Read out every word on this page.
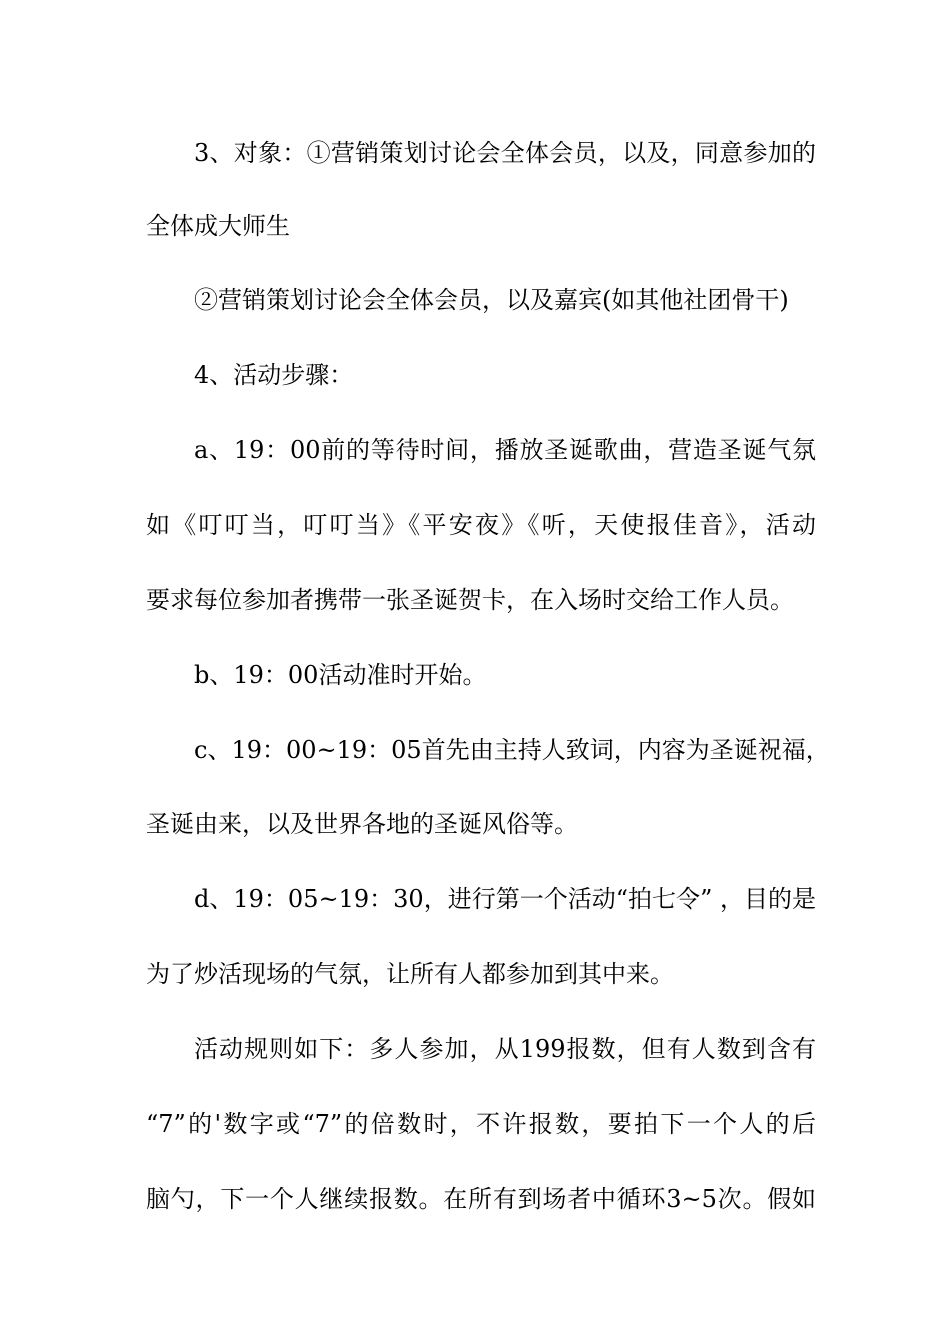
3、对象：①营销策划讨论会全体会员，以及，同意参加的
全体成大师生
②营销策划讨论会全体会员，以及嘉宾(如其他社团骨干)
4、活动步骤：
a、19：00前的等待时间，播放圣诞歌曲，营造圣诞气氛
如《叮叮当，叮叮当》《平安夜》《听，天使报佳音》，活动
要求每位参加者携带一张圣诞贺卡，在入场时交给工作人员。
b、19：00活动准时开始。
c、19：00~19：05首先由主持人致词，内容为圣诞祝福，
圣诞由来，以及世界各地的圣诞风俗等。
d、19：05~19：30，进行第一个活动“拍七令” ，目的是
为了炒活现场的气氛，让所有人都参加到其中来。
活动规则如下：多人参加，从199报数，但有人数到含有
“7”的'数字或“7”的倍数时，不许报数，要拍下一个人的后
脑勺，下一个人继续报数。在所有到场者中循环3~5次。假如
